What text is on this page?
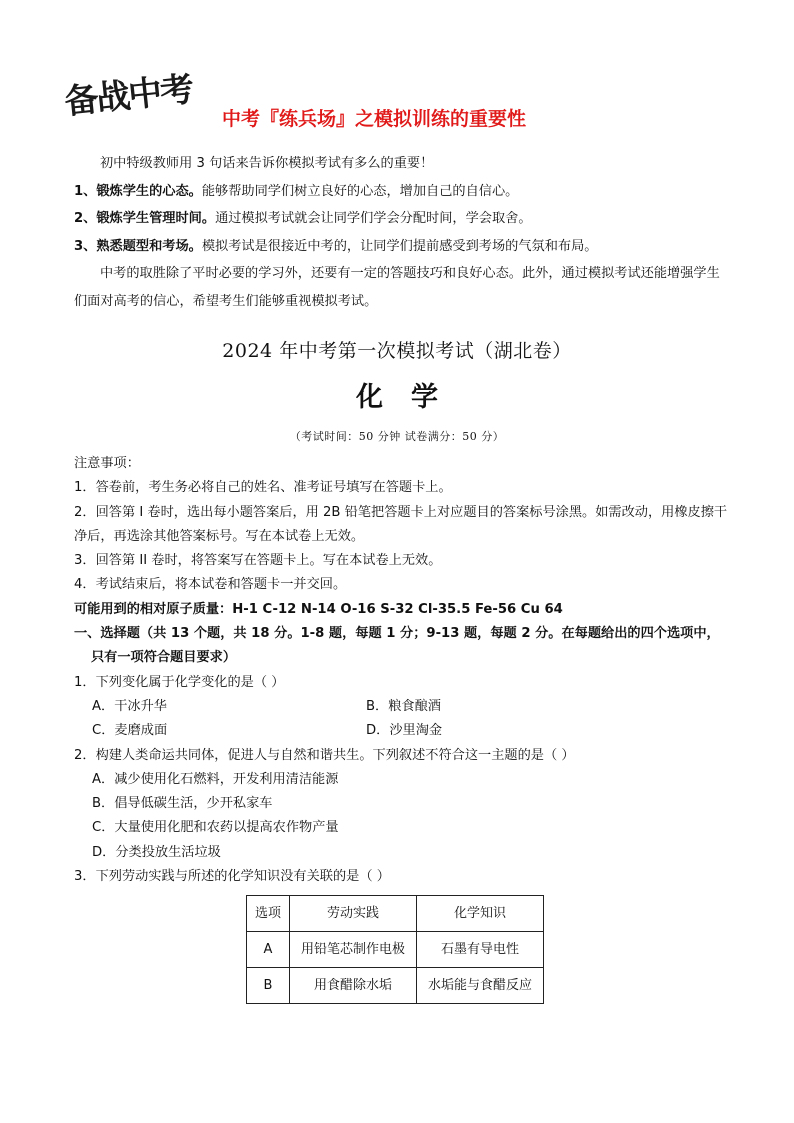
备战中考	中考『练兵场』之模拟训练的重要性

初中特级教师用 3 句话来告诉你模拟考试有多么的重要！

1、锻炼学生的心态。能够帮助同学们树立良好的心态，增加自己的自信心。

2、锻炼学生管理时间。通过模拟考试就会让同学们学会分配时间，学会取舍。

3、熟悉题型和考场。模拟考试是很接近中考的，让同学们提前感受到考场的气氛和布局。

中考的取胜除了平时必要的学习外，还要有一定的答题技巧和良好心态。此外，通过模拟考试还能增强学生们面对高考的信心，希望考生们能够重视模拟考试。

2024 年中考第一次模拟考试（湖北卷）
化学
（考试时间：50 分钟 试卷满分：50 分）

注意事项：

1．答卷前，考生务必将自己的姓名、准考证号填写在答题卡上。

2．回答第 I 卷时，选出每小题答案后，用 2B 铅笔把答题卡上对应题目的答案标号涂黑。如需改动，用橡皮擦干净后，再选涂其他答案标号。写在本试卷上无效。

3．回答第 II 卷时，将答案写在答题卡上。写在本试卷上无效。

4．考试结束后，将本试卷和答题卡一并交回。

可能用到的相对原子质量：H-1 C-12 N-14 O-16 S-32 Cl-35.5 Fe-56 Cu 64

一、选择题（共 13 个题，共 18 分。1-8 题，每题 1 分；9-13 题，每题 2 分。在每题给出的四个选项中，只有一项符合题目要求）

1．下列变化属于化学变化的是（ ）

A．干冰升华	B．粮食酿酒
C．麦磨成面	D．沙里淘金

2．构建人类命运共同体，促进人与自然和谐共生。下列叙述不符合这一主题的是（ ）

A．减少使用化石燃料，开发利用清洁能源

B．倡导低碳生活，少开私家车

C．大量使用化肥和农药以提高农作物产量

D．分类投放生活垃圾

3．下列劳动实践与所述的化学知识没有关联的是（ ）

选项	劳动实践	化学知识
A	用铅笔芯制作电极	石墨有导电性
B	用食醋除水垢	水垢能与食醋反应
